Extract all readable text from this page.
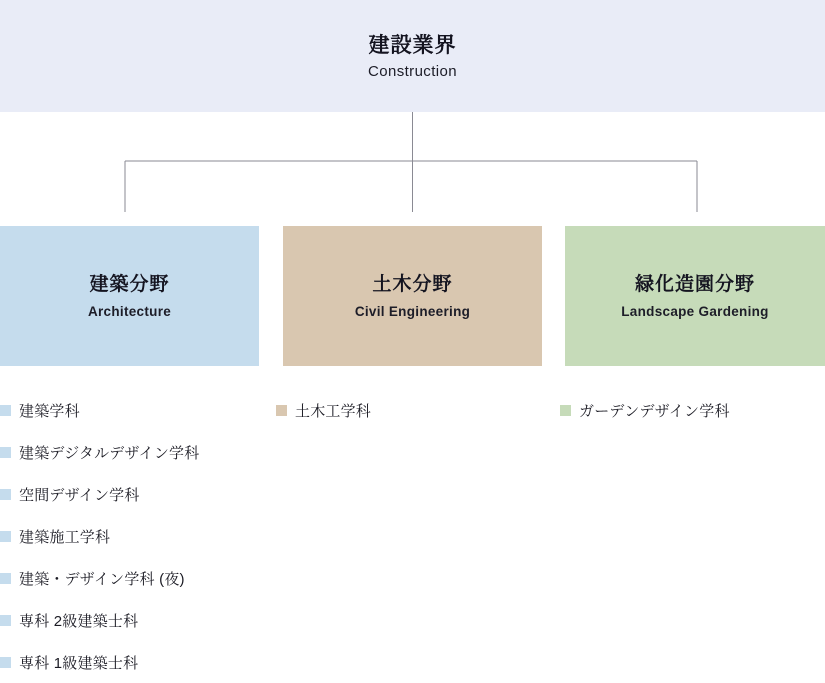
建設業界
Construction
建築分野
Architecture
土木分野
Civil Engineering
緑化造園分野
Landscape Gardening
建築学科
建築デジタルデザイン学科
空間デザイン学科
建築施工学科
建築・デザイン学科 (夜)
専科 2級建築士科
専科 1級建築士科
土木工学科	ガーデンデザイン学科
